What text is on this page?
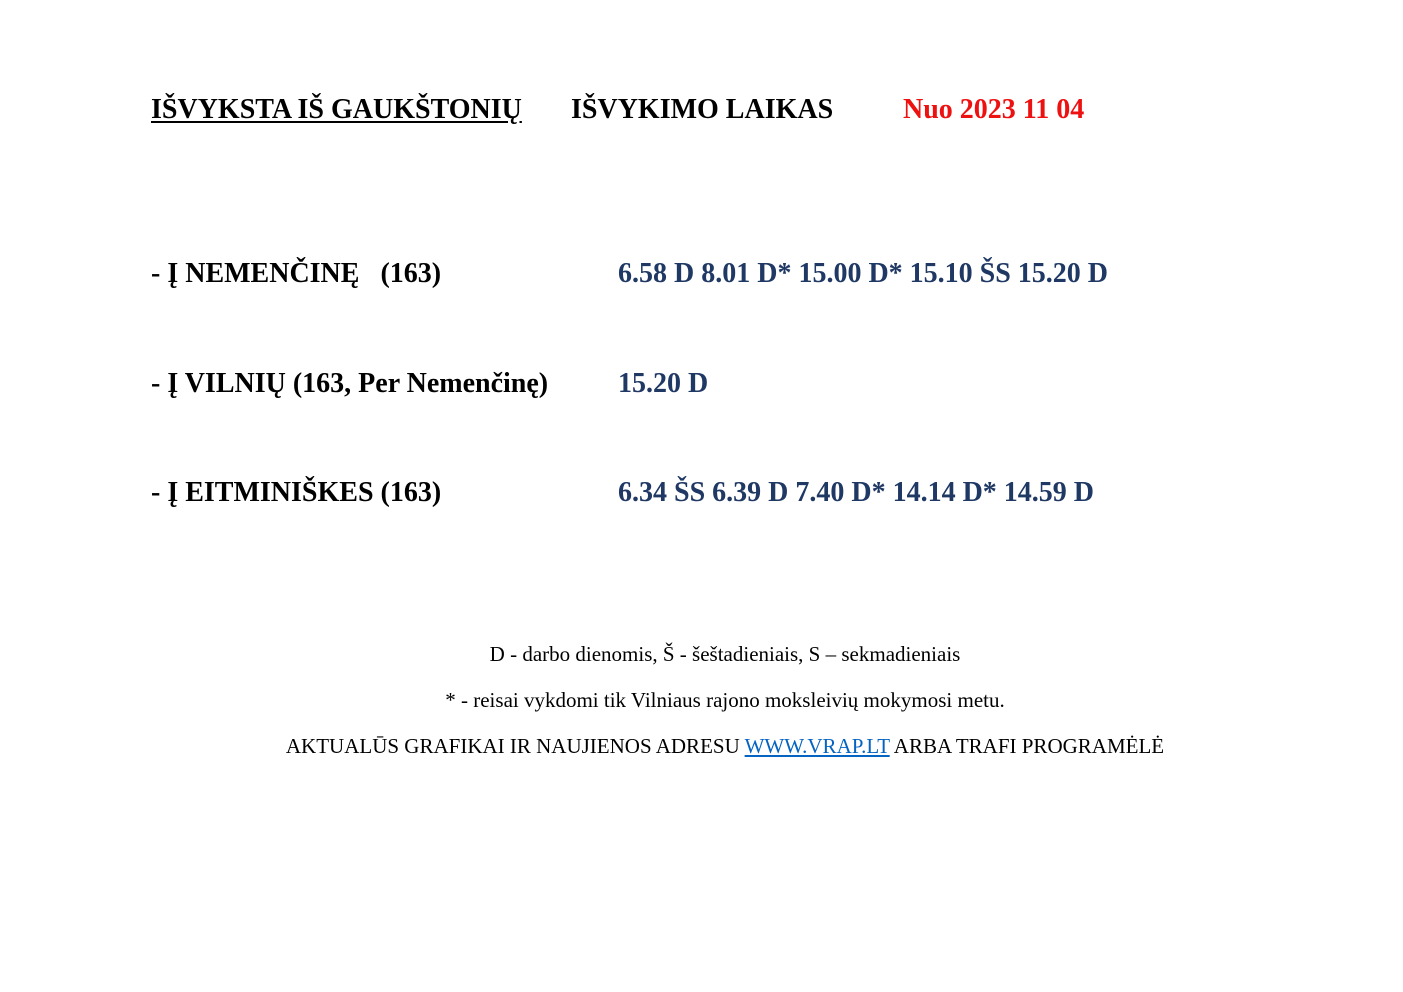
IŠVYKSTA IŠ GAUKŠTONIŲ IŠVYKIMO LAIKAS Nuo 2023 11 04
- Į NEMENČINĘ   (163)	6.58 D 8.01 D* 15.00 D* 15.10 ŠS 15.20 D
- Į VILNIŲ (163, Per Nemenčinę) 15.20 D
- Į EITMINIŠKES (163)	6.34 ŠS 6.39 D 7.40 D* 14.14 D* 14.59 D
D - darbo dienomis, Š - šeštadieniais, S – sekmadieniais
* - reisai vykdomi tik Vilniaus rajono moksleivių mokymosi metu.
AKTUALŪS GRAFIKAI IR NAUJIENOS ADRESU WWW.VRAP.LT ARBA TRAFI PROGRAMĖLĖ
